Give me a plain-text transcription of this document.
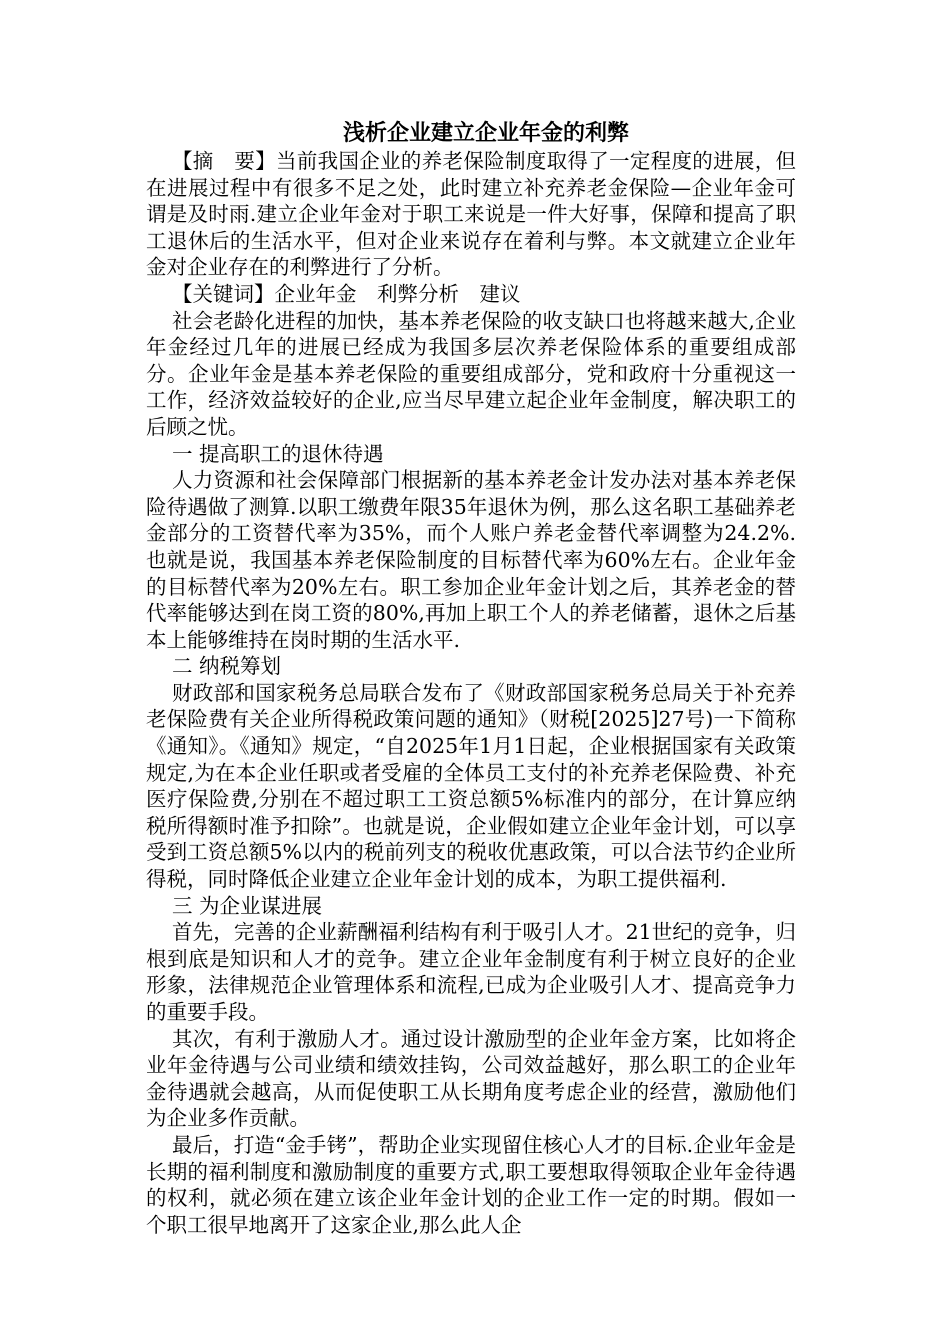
浅析企业建立企业年金的利弊

【摘　要】当前我国企业的养老保险制度取得了一定程度的进展，但在进展过程中有很多不足之处，此时建立补充养老金保险—企业年金可谓是及时雨.建立企业年金对于职工来说是一件大好事，保障和提高了职工退休后的生活水平，但对企业来说存在着利与弊。本文就建立企业年金对企业存在的利弊进行了分析。

【关键词】企业年金　利弊分析　建议

社会老龄化进程的加快，基本养老保险的收支缺口也将越来越大,企业年金经过几年的进展已经成为我国多层次养老保险体系的重要组成部分。企业年金是基本养老保险的重要组成部分，党和政府十分重视这一工作，经济效益较好的企业,应当尽早建立起企业年金制度，解决职工的后顾之忧。

一 提高职工的退休待遇

人力资源和社会保障部门根据新的基本养老金计发办法对基本养老保险待遇做了测算.以职工缴费年限35年退休为例，那么这名职工基础养老金部分的工资替代率为35%，而个人账户养老金替代率调整为24.2%.也就是说，我国基本养老保险制度的目标替代率为60%左右。企业年金的目标替代率为20%左右。职工参加企业年金计划之后，其养老金的替代率能够达到在岗工资的80%,再加上职工个人的养老储蓄，退休之后基本上能够维持在岗时期的生活水平.

二 纳税筹划

财政部和国家税务总局联合发布了《财政部国家税务总局关于补充养老保险费有关企业所得税政策问题的通知》（财税[2025]27号)一下简称《通知》。《通知》规定，“自2025年1月1日起，企业根据国家有关政策规定,为在本企业任职或者受雇的全体员工支付的补充养老保险费、补充医疗保险费,分别在不超过职工工资总额5%标准内的部分，在计算应纳税所得额时准予扣除”。也就是说，企业假如建立企业年金计划，可以享受到工资总额5%以内的税前列支的税收优惠政策，可以合法节约企业所得税，同时降低企业建立企业年金计划的成本，为职工提供福利.

三 为企业谋进展

首先，完善的企业薪酬福利结构有利于吸引人才。21世纪的竞争，归根到底是知识和人才的竞争。建立企业年金制度有利于树立良好的企业形象，法律规范企业管理体系和流程,已成为企业吸引人才、提高竞争力的重要手段。

其次，有利于激励人才。通过设计激励型的企业年金方案，比如将企业年金待遇与公司业绩和绩效挂钩，公司效益越好，那么职工的企业年金待遇就会越高，从而促使职工从长期角度考虑企业的经营，激励他们为企业多作贡献。

最后，打造“金手铐”，帮助企业实现留住核心人才的目标.企业年金是长期的福利制度和激励制度的重要方式,职工要想取得领取企业年金待遇的权利，就必须在建立该企业年金计划的企业工作一定的时期。假如一个职工很早地离开了这家企业,那么此人企
